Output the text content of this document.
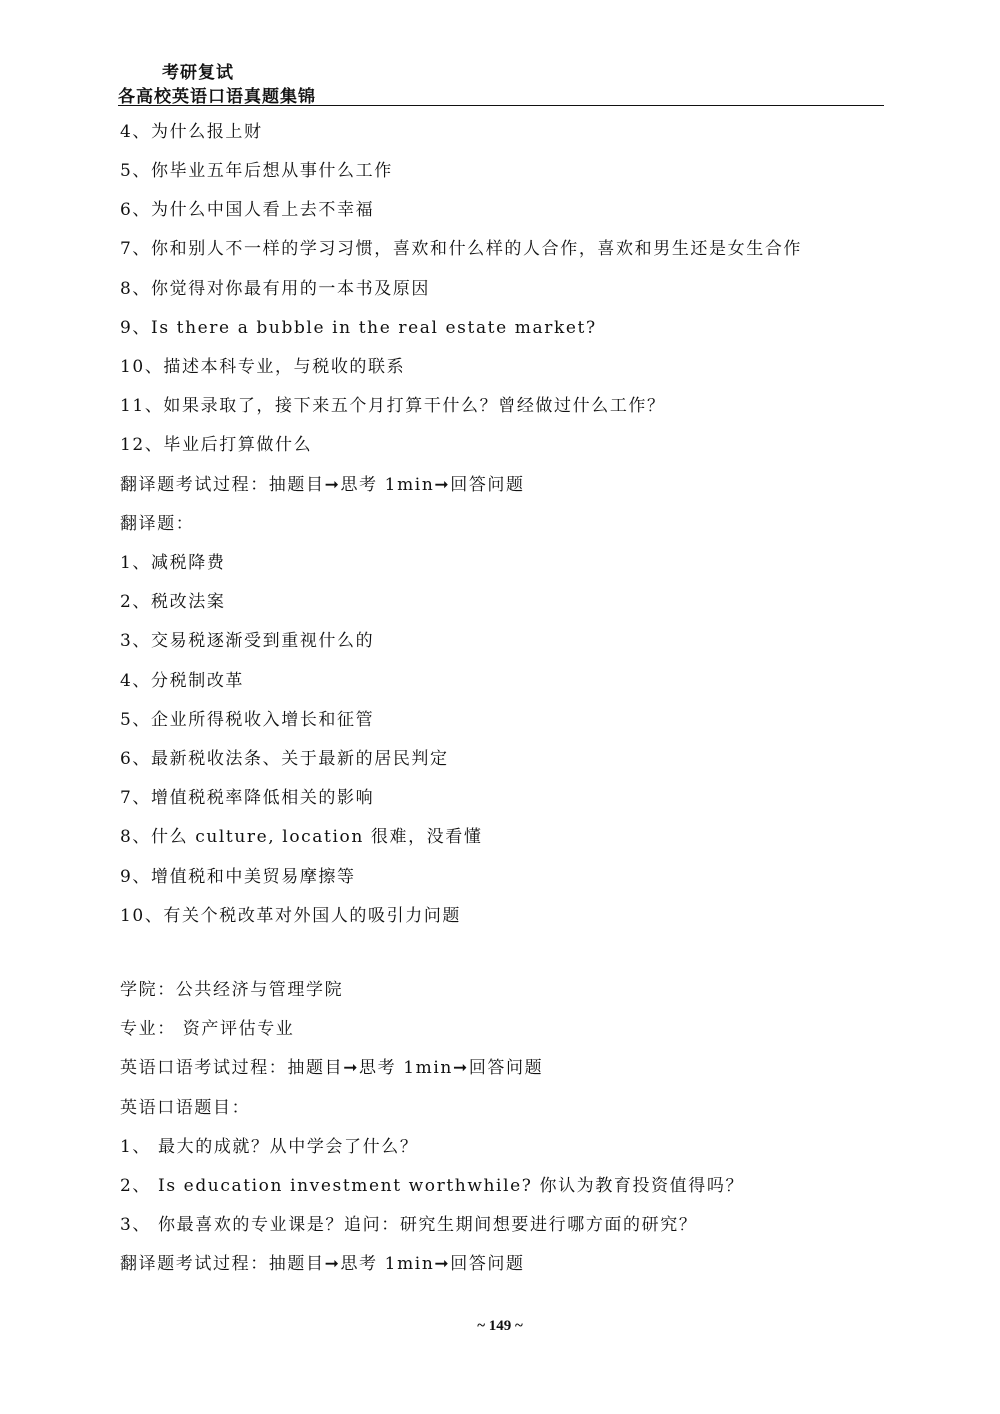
考研复试
各高校英语口语真题集锦
4、为什么报上财
5、你毕业五年后想从事什么工作
6、为什么中国人看上去不幸福
7、你和别人不一样的学习习惯，喜欢和什么样的人合作，喜欢和男生还是女生合作
8、你觉得对你最有用的一本书及原因
9、Is there a bubble in the real estate market?
10、描述本科专业，与税收的联系
11、如果录取了，接下来五个月打算干什么？曾经做过什么工作？
12、毕业后打算做什么
翻译题考试过程：抽题目➞思考 1min➞回答问题
翻译题：
1、减税降费
2、税改法案
3、交易税逐渐受到重视什么的
4、分税制改革
5、企业所得税收入增长和征管
6、最新税收法条、关于最新的居民判定
7、增值税税率降低相关的影响
8、什么 culture, location 很难，没看懂
9、增值税和中美贸易摩擦等
10、有关个税改革对外国人的吸引力问题
学院：公共经济与管理学院
专业： 资产评估专业
英语口语考试过程：抽题目➞思考 1min➞回答问题
英语口语题目：
1、 最大的成就？从中学会了什么？
2、 Is education investment worthwhile? 你认为教育投资值得吗？
3、 你最喜欢的专业课是？追问：研究生期间想要进行哪方面的研究？
翻译题考试过程：抽题目➞思考 1min➞回答问题
~ 149 ~
